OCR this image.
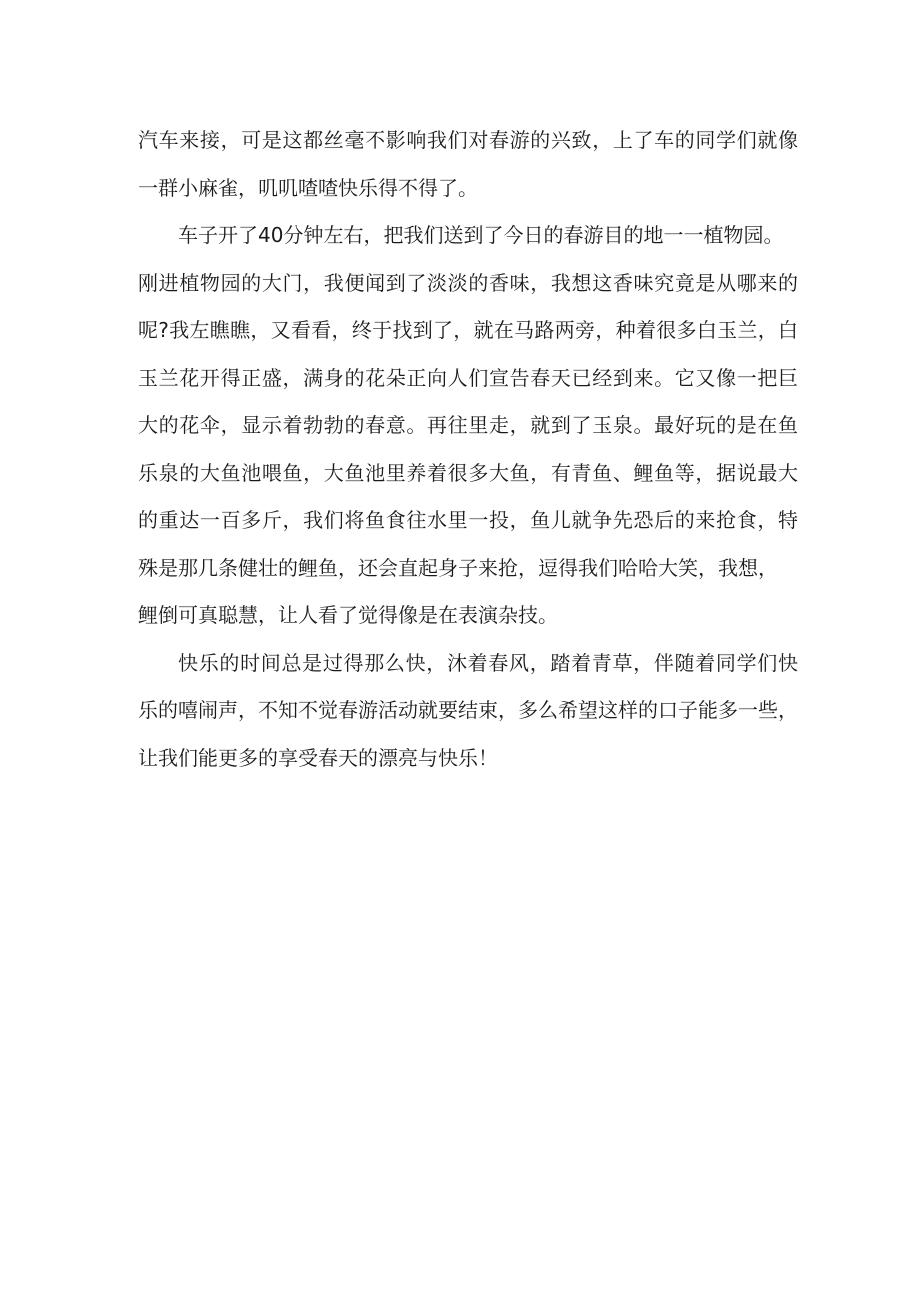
汽车来接，可是这都丝毫不影响我们对春游的兴致，上了车的同学们就像
一群小麻雀，叽叽喳喳快乐得不得了。
车子开了40分钟左右，把我们送到了今日的春游目的地一一植物园。
刚进植物园的大门，我便闻到了淡淡的香味，我想这香味究竟是从哪来的
呢?我左瞧瞧，又看看，终于找到了，就在马路两旁，种着很多白玉兰，白
玉兰花开得正盛，满身的花朵正向人们宣告春天已经到来。它又像一把巨
大的花伞，显示着勃勃的春意。再往里走，就到了玉泉。最好玩的是在鱼
乐泉的大鱼池喂鱼，大鱼池里养着很多大鱼，有青鱼、鲤鱼等，据说最大
的重达一百多斤，我们将鱼食往水里一投，鱼儿就争先恐后的来抢食，特
殊是那几条健壮的鲤鱼，还会直起身子来抢，逗得我们哈哈大笑，我想，
鲤倒可真聪慧，让人看了觉得像是在表演杂技。
快乐的时间总是过得那么快，沐着春风，踏着青草，伴随着同学们快
乐的嘻闹声，不知不觉春游活动就要结束，多么希望这样的口子能多一些，
让我们能更多的享受春天的漂亮与快乐！
